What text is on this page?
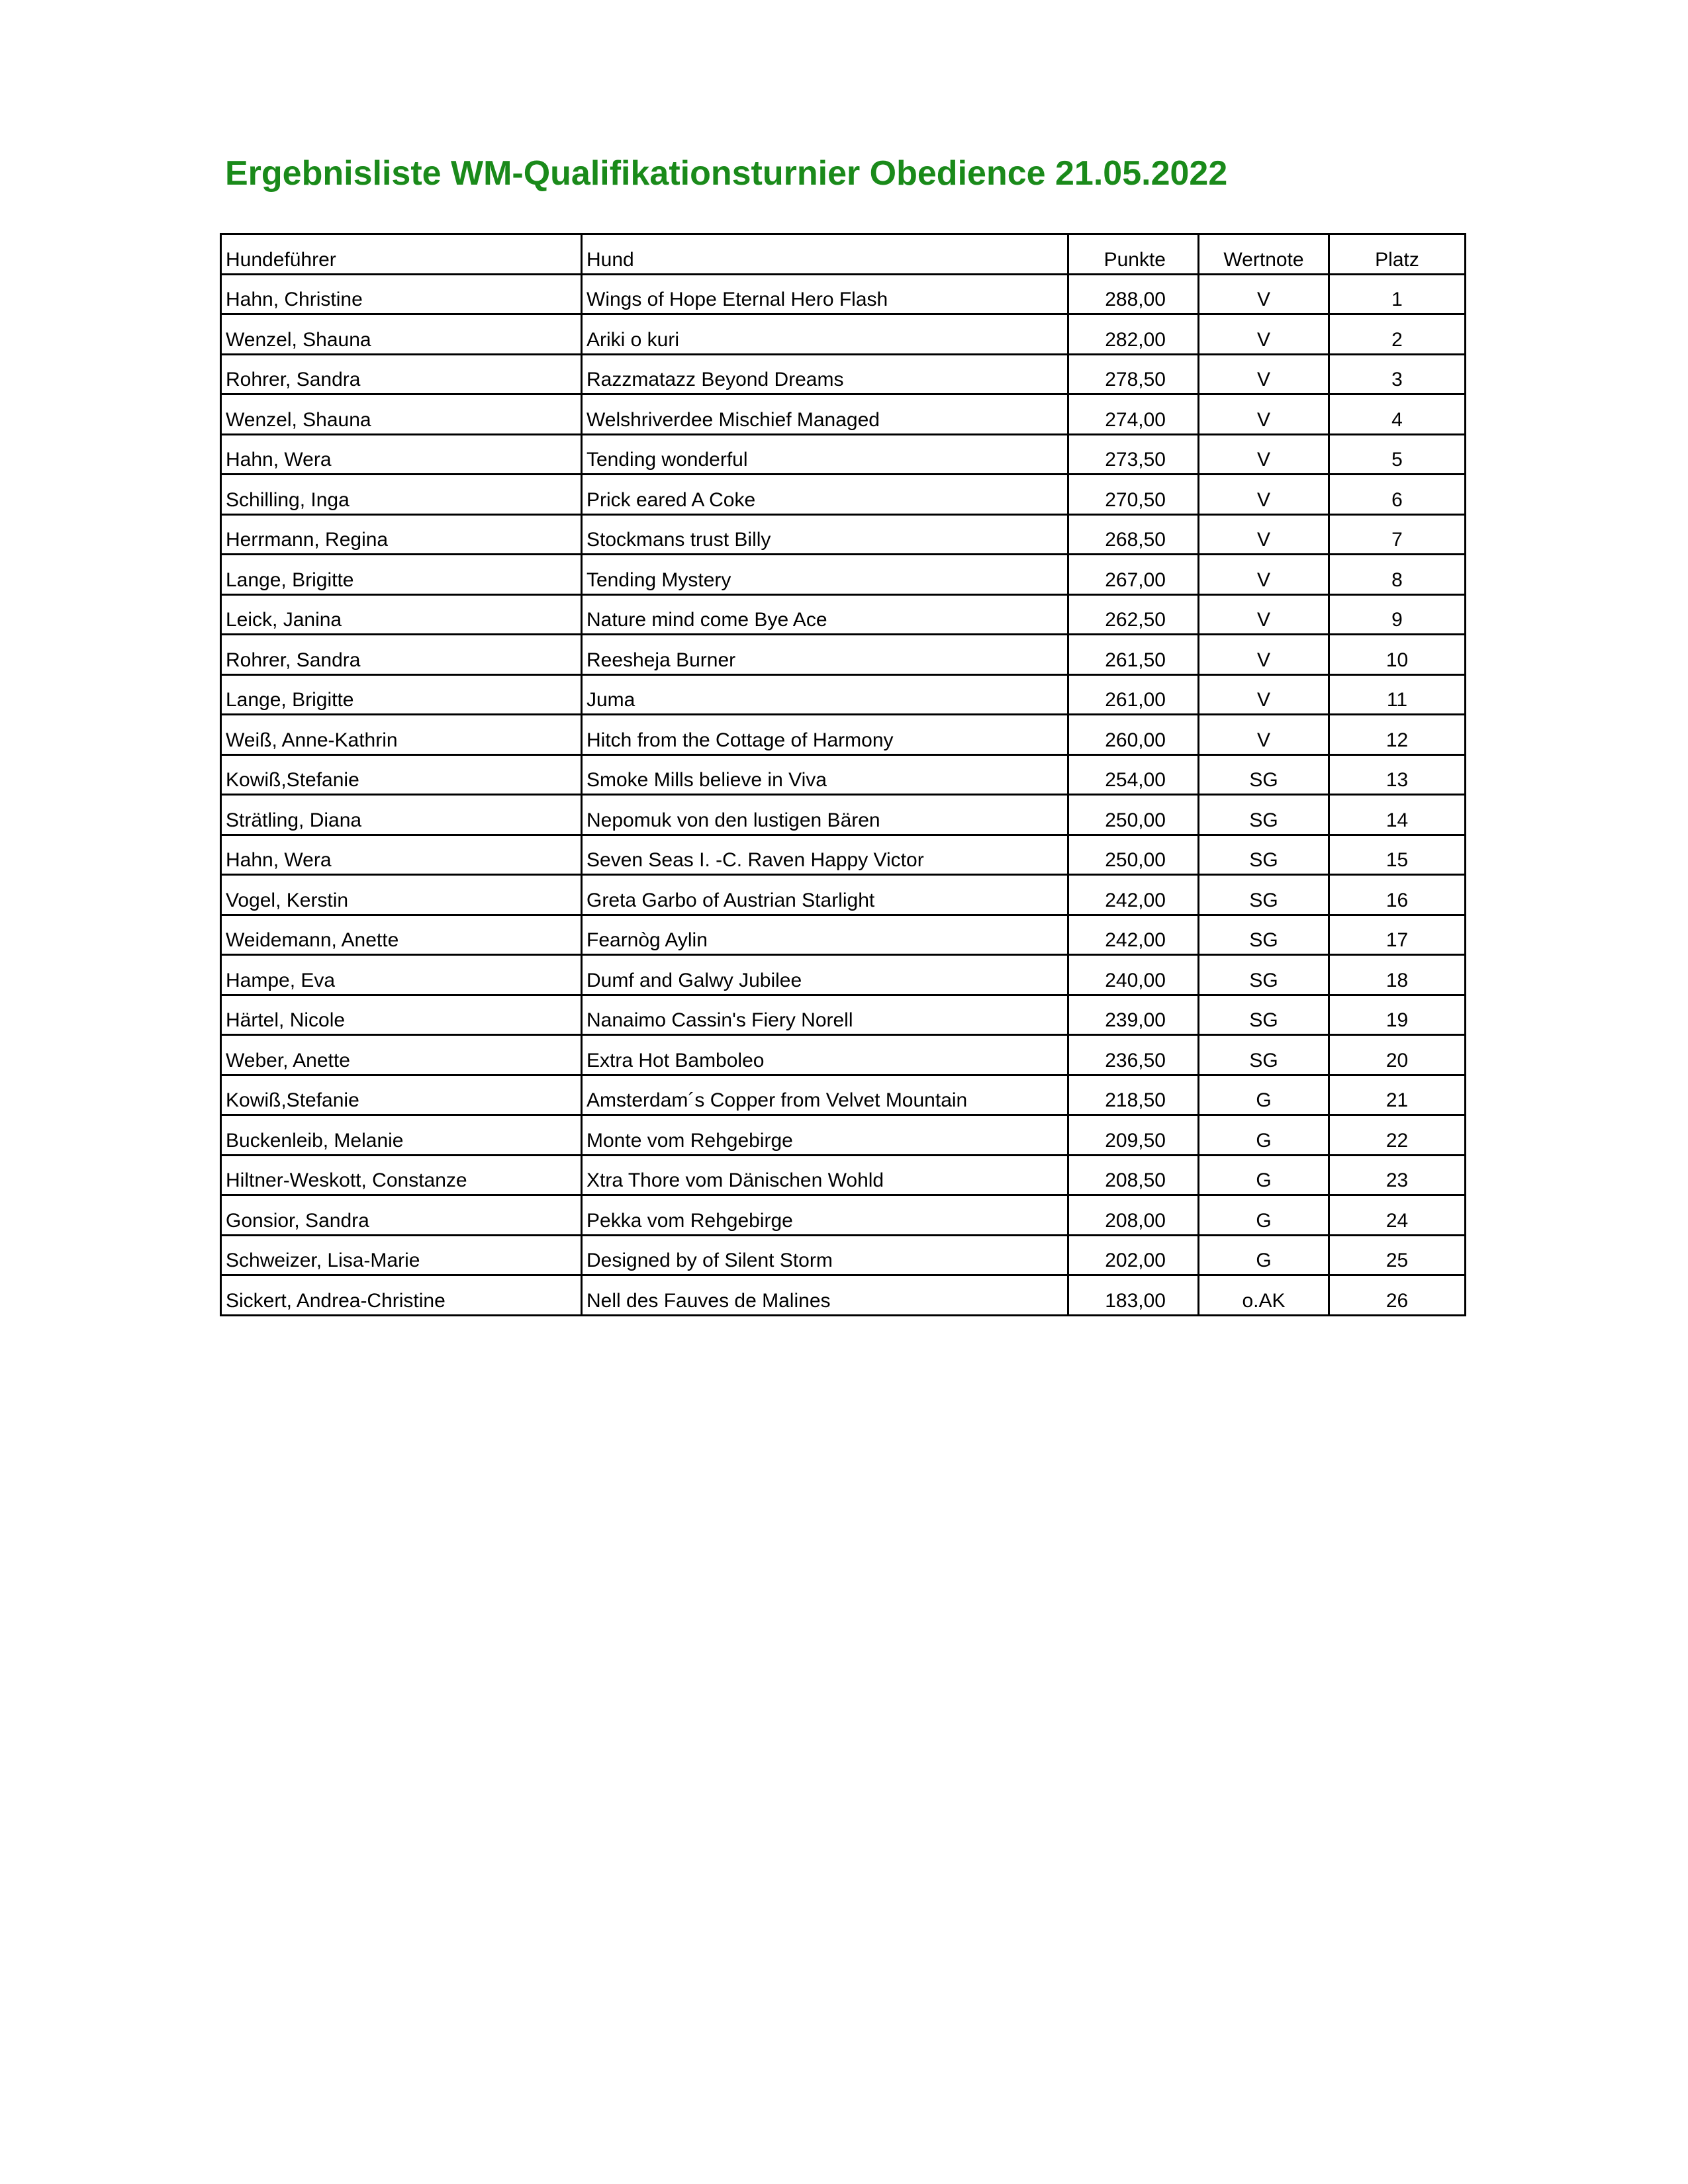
Ergebnisliste WM-Qualifikationsturnier Obedience 21.05.2022
Hundeführer	Hund	Punkte	Wertnote	Platz
Hahn, Christine	Wings of Hope Eternal Hero Flash	288,00	V	1
Wenzel, Shauna	Ariki o kuri	282,00	V	2
Rohrer, Sandra	Razzmatazz Beyond Dreams	278,50	V	3
Wenzel, Shauna	Welshriverdee Mischief Managed	274,00	V	4
Hahn, Wera	Tending wonderful	273,50	V	5
Schilling, Inga	Prick eared A Coke	270,50	V	6
Herrmann, Regina	Stockmans trust Billy	268,50	V	7
Lange, Brigitte	Tending Mystery	267,00	V	8
Leick, Janina	Nature mind come Bye Ace	262,50	V	9
Rohrer, Sandra	Reesheja Burner	261,50	V	10
Lange, Brigitte	Juma	261,00	V	11
Weiß, Anne-Kathrin	Hitch from the Cottage of Harmony	260,00	V	12
Kowiß,Stefanie	Smoke Mills believe in Viva	254,00	SG	13
Strätling, Diana	Nepomuk von den lustigen Bären	250,00	SG	14
Hahn, Wera	Seven Seas I. -C. Raven Happy Victor	250,00	SG	15
Vogel, Kerstin	Greta Garbo of Austrian Starlight	242,00	SG	16
Weidemann, Anette	Fearnòg Aylin	242,00	SG	17
Hampe, Eva	Dumf and Galwy Jubilee	240,00	SG	18
Härtel, Nicole	Nanaimo Cassin's Fiery Norell	239,00	SG	19
Weber, Anette	Extra Hot Bamboleo	236,50	SG	20
Kowiß,Stefanie	Amsterdam´s Copper from Velvet Mountain	218,50	G	21
Buckenleib, Melanie	Monte vom Rehgebirge	209,50	G	22
Hiltner-Weskott, Constanze	Xtra Thore vom Dänischen Wohld	208,50	G	23
Gonsior, Sandra	Pekka vom Rehgebirge	208,00	G	24
Schweizer, Lisa-Marie	Designed by of Silent Storm	202,00	G	25
Sickert, Andrea-Christine	Nell des Fauves de Malines	183,00	o.AK	26
